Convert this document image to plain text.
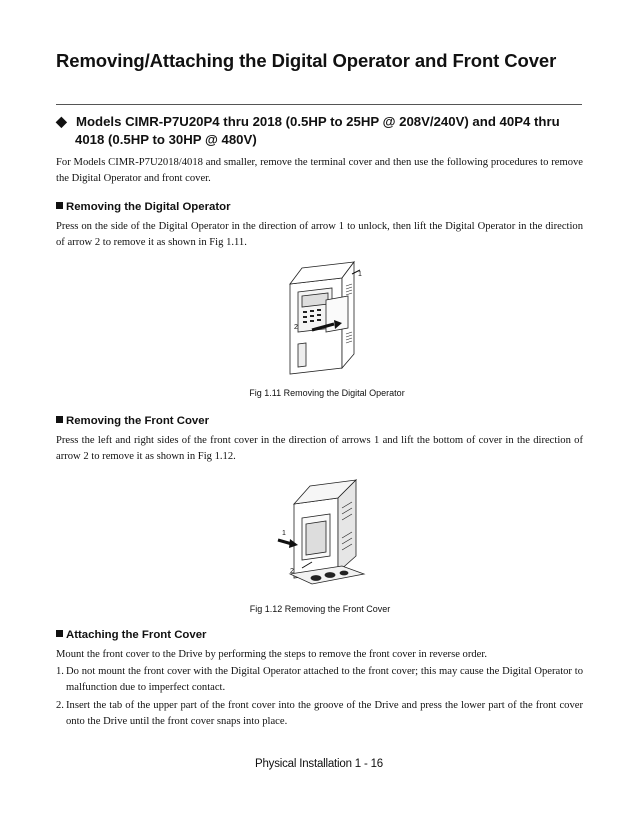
Removing/Attaching the Digital Operator and Front Cover
◆ Models CIMR-P7U20P4 thru 2018 (0.5HP to 25HP @ 208V/240V) and 40P4 thru
4018 (0.5HP to 30HP @ 480V)
For Models CIMR-P7U2018/4018 and smaller, remove the terminal cover and then use the following procedures to remove the Digital Operator and front cover.
Removing the Digital Operator
Press on the side of the Digital Operator in the direction of arrow 1 to unlock, then lift the Digital Operator in the direction of arrow 2 to remove it as shown in Fig 1.11.
2
1
Fig 1.11 Removing the Digital Operator
Removing the Front Cover
Press the left and right sides of the front cover in the direction of arrows 1 and lift the bottom of cover in the direction of arrow 2 to remove it as shown in Fig 1.12.
1
2
Fig 1.12 Removing the Front Cover
Attaching the Front Cover
Mount the front cover to the Drive by performing the steps to remove the front cover in reverse order.
1. Do not mount the front cover with the Digital Operator attached to the front cover; this may cause the Digital Operator to malfunction due to imperfect contact.
2. Insert the tab of the upper part of the front cover into the groove of the Drive and press the lower part of the front cover onto the Drive until the front cover snaps into place.
Physical Installation 1 - 16
